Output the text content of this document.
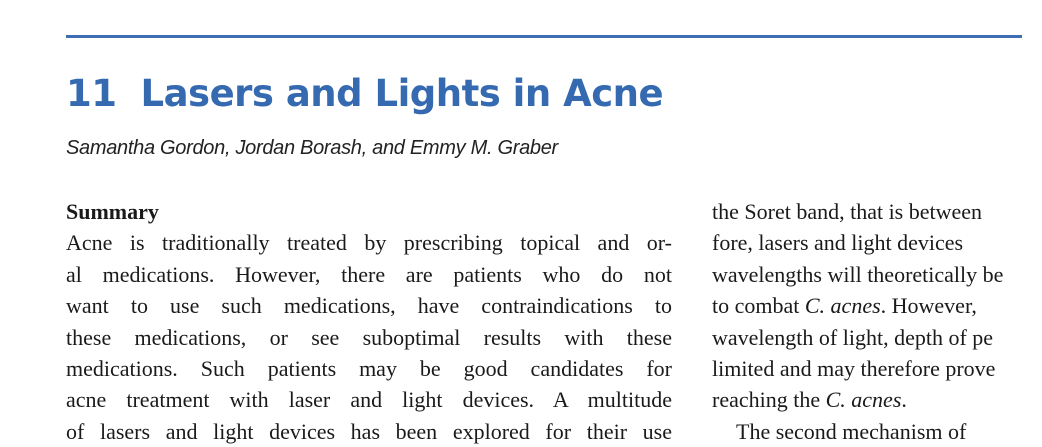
11 Lasers and Lights in Acne

Samantha Gordon, Jordan Borash, and Emmy M. Graber

Summary
Acne is traditionally treated by prescribing topical and or-
al medications. However, there are patients who do not
want to use such medications, have contraindications to
these medications, or see suboptimal results with these
medications. Such patients may be good candidates for
acne treatment with laser and light devices. A multitude
of lasers and light devices has been explored for their use
the Soret band, that is between
fore, lasers and light devices
wavelengths will theoretically be
to combat C. acnes. However,
wavelength of light, depth of pe
limited and may therefore prove
reaching the C. acnes.
The second mechanism of
